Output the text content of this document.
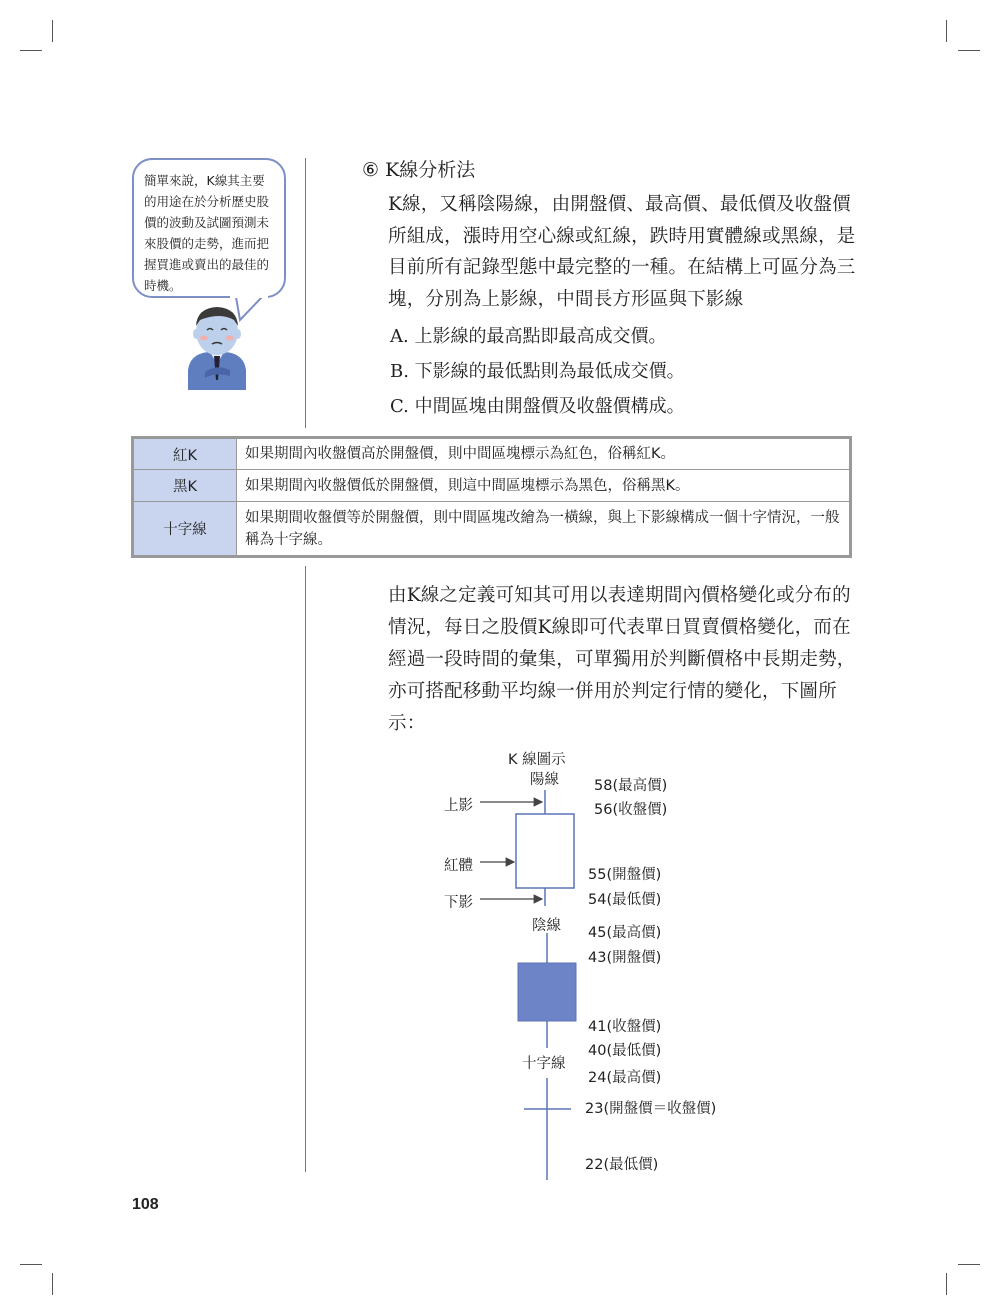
簡單來說，K線其主要
的用途在於分析歷史股
價的波動及試圖預測未
來股價的走勢，進而把
握買進或賣出的最佳的
時機。
⑥ K線分析法
K線，又稱陰陽線，由開盤價、最高價、最低價及收盤價
所組成，漲時用空心線或紅線，跌時用實體線或黑線，是
目前所有記錄型態中最完整的一種。在結構上可區分為三
塊，分別為上影線，中間長方形區與下影線
A. 上影線的最高點即最高成交價。
B. 下影線的最低點則為最低成交價。
C. 中間區塊由開盤價及收盤價構成。
紅K	如果期間內收盤價高於開盤價，則中間區塊標示為紅色，俗稱紅K。
黑K	如果期間內收盤價低於開盤價，則這中間區塊標示為黑色，俗稱黑K。
十字線	如果期間收盤價等於開盤價，則中間區塊改繪為一橫線，與上下影線構成一個十字情況，一般稱為十字線。
由K線之定義可知其可用以表達期間內價格變化或分布的
情況，每日之股價K線即可代表單日買賣價格變化，而在
經過一段時間的彙集，可單獨用於判斷價格中長期走勢，
亦可搭配移動平均線一併用於判定行情的變化，下圖所
示：
K 線圖示
陽線
上影
紅體
下影
58(最高價)
56(收盤價)
55(開盤價)
54(最低價)
陰線 45(最高價)
43(開盤價)
41(收盤價)
40(最低價)
十字線
24(最高價)
23(開盤價＝收盤價)
22(最低價)
108
